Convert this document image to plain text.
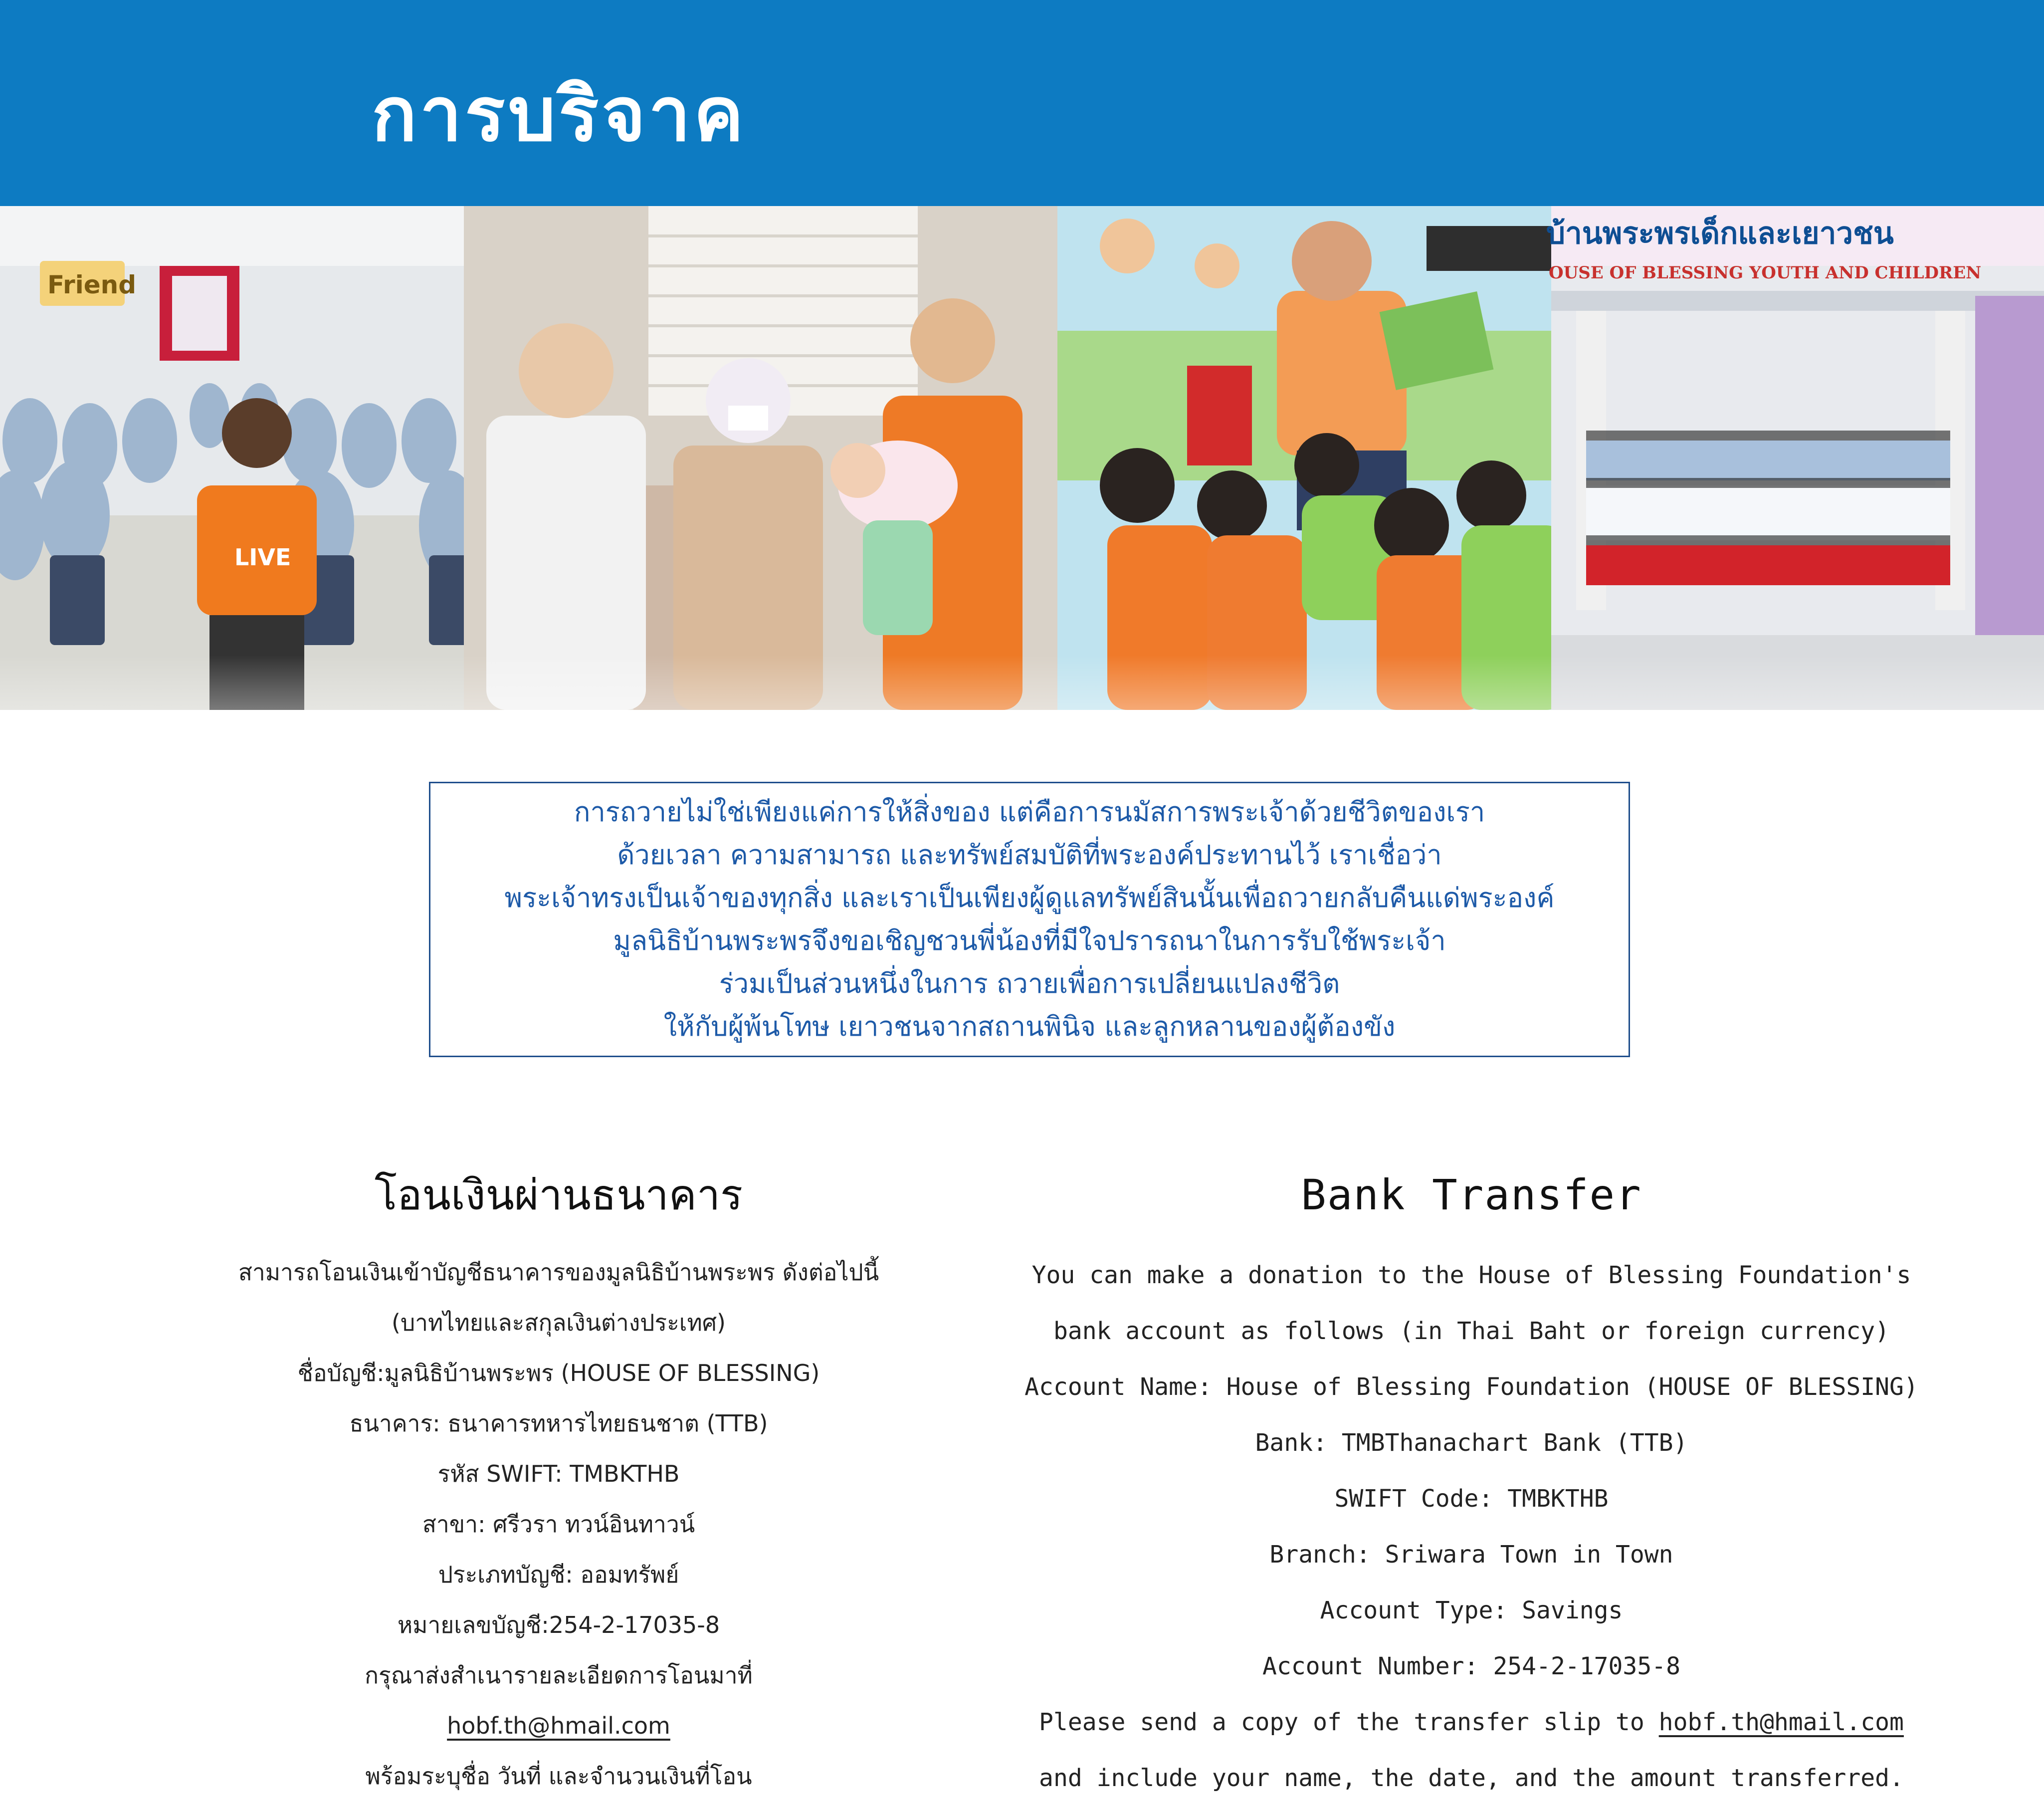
การบริจาค
Friend
LIVE
บ้านพระพรเด็กและเยาวชน
OUSE OF BLESSING YOUTH AND CHILDREN
การถวายไม่ใช่เพียงแค่การให้สิ่งของ แต่คือการนมัสการพระเจ้าด้วยชีวิตของเรา
ด้วยเวลา ความสามารถ และทรัพย์สมบัติที่พระองค์ประทานไว้ เราเชื่อว่า
พระเจ้าทรงเป็นเจ้าของทุกสิ่ง และเราเป็นเพียงผู้ดูแลทรัพย์สินนั้นเพื่อถวายกลับคืนแด่พระองค์
มูลนิธิบ้านพระพรจึงขอเชิญชวนพี่น้องที่มีใจปรารถนาในการรับใช้พระเจ้า
ร่วมเป็นส่วนหนึ่งในการ ถวายเพื่อการเปลี่ยนแปลงชีวิต
ให้กับผู้พ้นโทษ เยาวชนจากสถานพินิจ และลูกหลานของผู้ต้องขัง
โอนเงินผ่านธนาคาร
สามารถโอนเงินเข้าบัญชีธนาคารของมูลนิธิบ้านพระพร ดังต่อไปนี้
(บาทไทยและสกุลเงินต่างประเทศ)
ชื่อบัญชี:มูลนิธิบ้านพระพร (HOUSE OF BLESSING)
ธนาคาร: ธนาคารทหารไทยธนชาต (TTB)
รหัส SWIFT: TMBKTHB
สาขา: ศรีวรา ทวน์อินทาวน์
ประเภทบัญชี: ออมทรัพย์
หมายเลขบัญชี:254-2-17035-8
กรุณาส่งสำเนารายละเอียดการโอนมาที่
hobf.th@hmail.com
พร้อมระบุชื่อ วันที่ และจำนวนเงินที่โอน
Bank Transfer
You can make a donation to the House of Blessing Foundation's
bank account as follows (in Thai Baht or foreign currency)
Account Name: House of Blessing Foundation (HOUSE OF BLESSING)
Bank: TMBThanachart Bank (TTB)
SWIFT Code: TMBKTHB
Branch: Sriwara Town in Town
Account Type: Savings
Account Number: 254-2-17035-8
Please send a copy of the transfer slip to hobf.th@hmail.com
and include your name, the date, and the amount transferred.
